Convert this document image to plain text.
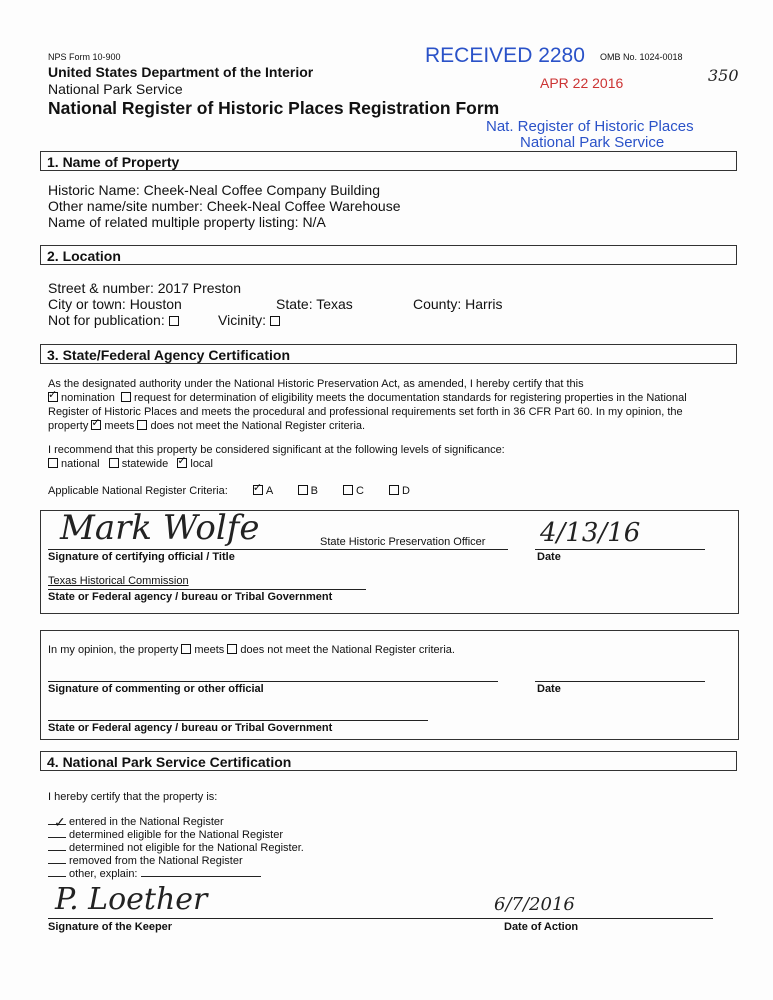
NPS Form 10-900
United States Department of the Interior
National Park Service
National Register of Historic Places Registration Form
RECEIVED 2280 OMB No. 1024-0018
APR 22 2016	350
Nat. Register of Historic Places
National Park Service
1. Name of Property
Historic Name: Cheek-Neal Coffee Company Building
Other name/site number: Cheek-Neal Coffee Warehouse
Name of related multiple property listing: N/A
2. Location
Street & number: 2017 Preston
City or town: Houston	State: Texas	County: Harris
Not for publication:	Vicinity:
3. State/Federal Agency Certification
As the designated authority under the National Historic Preservation Act, as amended, I hereby certify that this
✓nomination request for determination of eligibility meets the documentation standards for registering properties in the National
Register of Historic Places and meets the procedural and professional requirements set forth in 36 CFR Part 60. In my opinion, the
property ✓ meets does not meet the National Register criteria.
I recommend that this property be considered significant at the following levels of significance:
national statewide ✓ local
Applicable National Register Criteria: ✓	A	B	C	D
Mark Wolfe	State Historic Preservation Officer
Signature of certifying official / Title
4/13/16
Date
Texas Historical Commission
State or Federal agency / bureau or Tribal Government
In my opinion, the property meets does not meet the National Register criteria.
Signature of commenting or other official	Date
State or Federal agency / bureau or Tribal Government
4. National Park Service Certification
I hereby certify that the property is:
✓ entered in the National Register
determined eligible for the National Register
determined not eligible for the National Register.
removed from the National Register
other, explain:
P. Loether
Signature of the Keeper
6/7/2016
Date of Action
